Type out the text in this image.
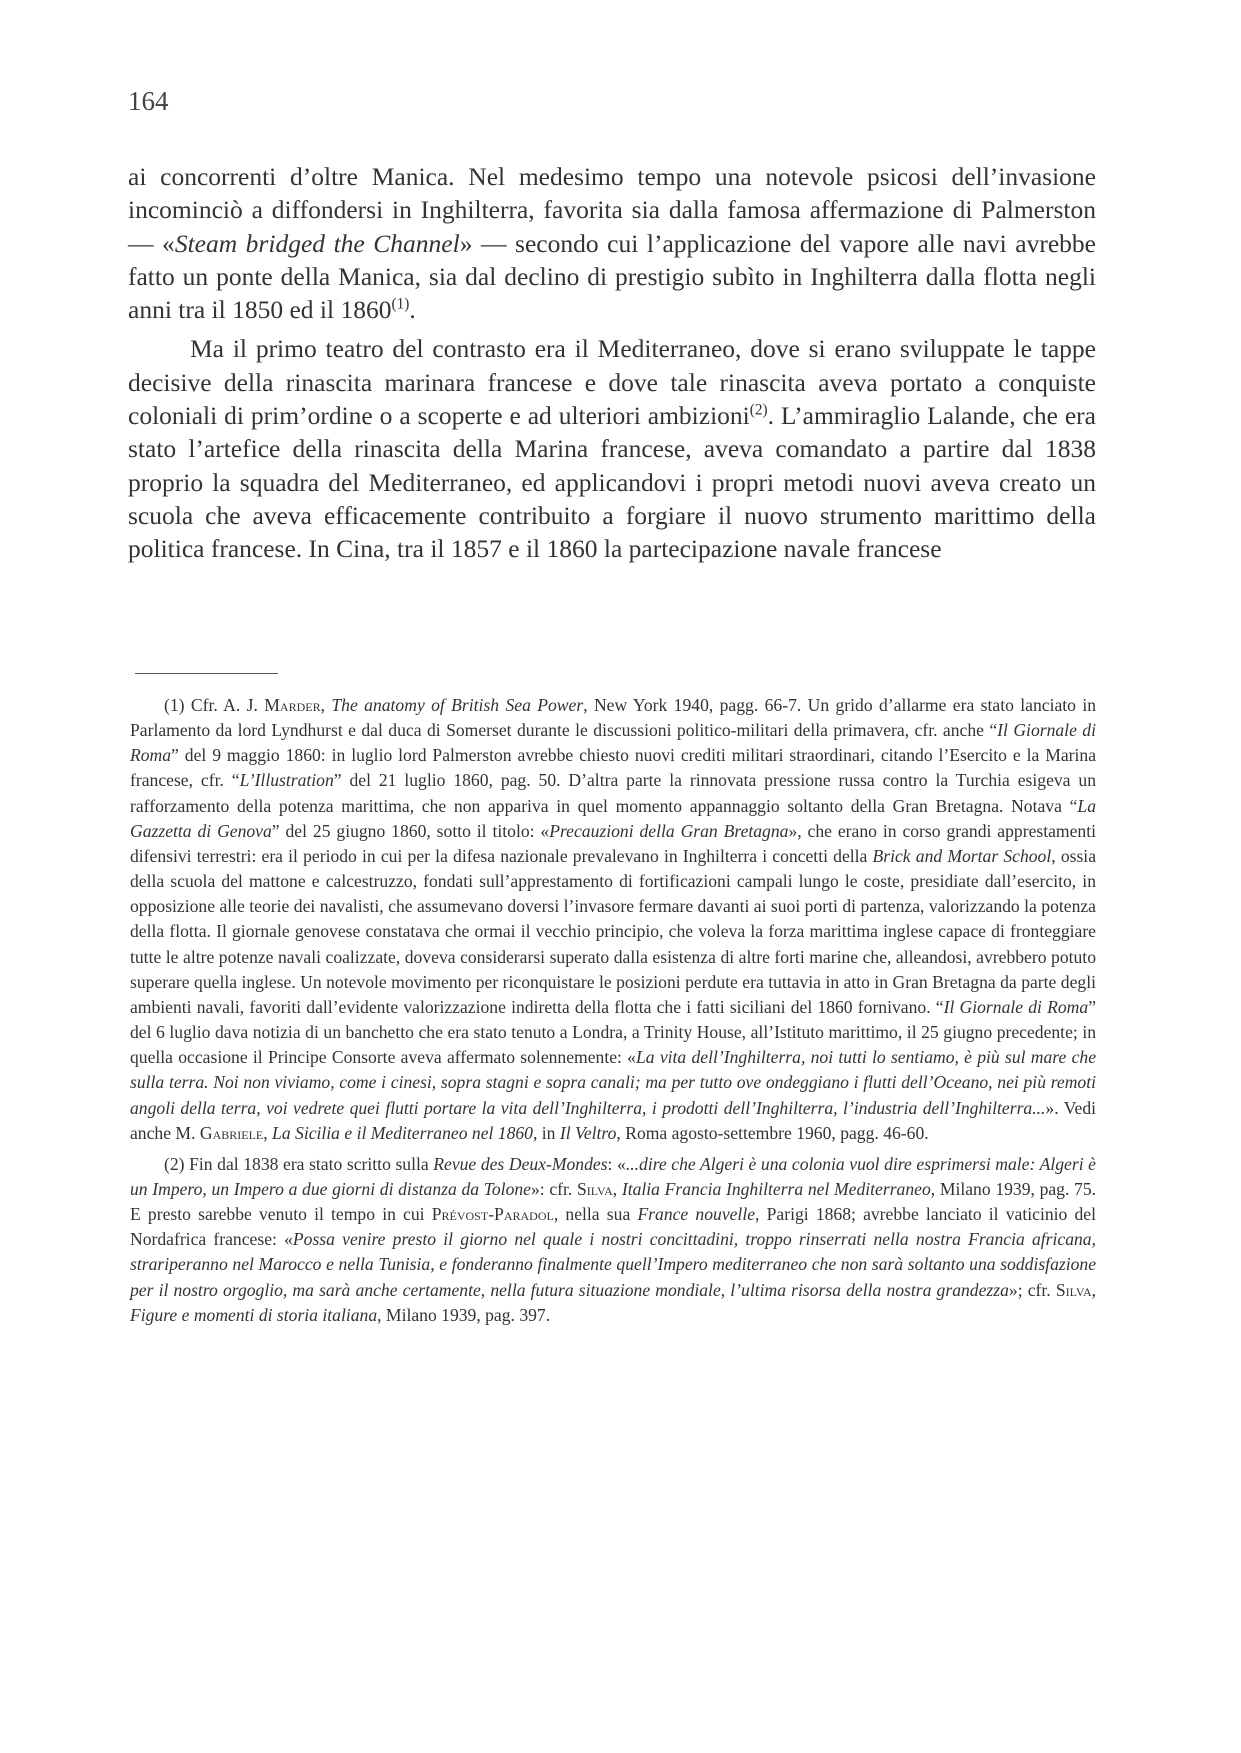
164

ai concorrenti d’oltre Manica. Nel medesimo tempo una notevole psicosi dell’invasione incominciò a diffondersi in Inghilterra, favorita sia dalla famosa affermazione di Palmerston — «Steam bridged the Channel» — secondo cui l’applicazione del vapore alle navi avrebbe fatto un ponte della Manica, sia dal declino di prestigio subìto in Inghilterra dalla flotta negli anni tra il 1850 ed il 1860$^{(1)}$.

Ma il primo teatro del contrasto era il Mediterraneo, dove si erano sviluppate le tappe decisive della rinascita marinara francese e dove tale rinascita aveva portato a conquiste coloniali di prim’ordine o a scoperte e ad ulteriori ambizioni$^{(2)}$. L’ammiraglio Lalande, che era stato l’artefice della rinascita della Marina francese, aveva comandato a partire dal 1838 proprio la squadra del Mediterraneo, ed applicandovi i propri metodi nuovi aveva creato un scuola che aveva efficacemente contribuito a forgiare il nuovo strumento marittimo della politica francese. In Cina, tra il 1857 e il 1860 la partecipazione navale francese

(1) Cfr. A. J. Marder, The anatomy of British Sea Power, New York 1940, pagg. 66-7. Un grido d’allarme era stato lanciato in Parlamento da lord Lyndhurst e dal duca di Somerset durante le discussioni politico-militari della primavera, cfr. anche “Il Giornale di Roma” del 9 maggio 1860: in luglio lord Palmerston avrebbe chiesto nuovi crediti militari straordinari, citando l’Esercito e la Marina francese, cfr. “L’Illustration” del 21 luglio 1860, pag. 50. D’altra parte la rinnovata pressione russa contro la Turchia esigeva un rafforzamento della potenza marittima, che non appariva in quel momento appannaggio soltanto della Gran Bretagna. Notava “La Gazzetta di Genova” del 25 giugno 1860, sotto il titolo: «Precauzioni della Gran Bretagna», che erano in corso grandi apprestamenti difensivi terrestri: era il periodo in cui per la difesa nazionale prevalevano in Inghilterra i concetti della Brick and Mortar School, ossia della scuola del mattone e calcestruzzo, fondati sull’apprestamento di fortificazioni campali lungo le coste, presidiate dall’esercito, in opposizione alle teorie dei navalisti, che assumevano doversi l’invasore fermare davanti ai suoi porti di partenza, valorizzando la potenza della flotta. Il giornale genovese constatava che ormai il vecchio principio, che voleva la forza marittima inglese capace di fronteggiare tutte le altre potenze navali coalizzate, doveva considerarsi superato dalla esistenza di altre forti marine che, alleandosi, avrebbero potuto superare quella inglese. Un notevole movimento per riconquistare le posizioni perdute era tuttavia in atto in Gran Bretagna da parte degli ambienti navali, favoriti dall’evidente valorizzazione indiretta della flotta che i fatti siciliani del 1860 fornivano. “Il Giornale di Roma” del 6 luglio dava notizia di un banchetto che era stato tenuto a Londra, a Trinity House, all’Istituto marittimo, il 25 giugno precedente; in quella occasione il Principe Consorte aveva affermato solennemente: «La vita dell’Inghilterra, noi tutti lo sentiamo, è più sul mare che sulla terra. Noi non viviamo, come i cinesi, sopra stagni e sopra canali; ma per tutto ove ondeggiano i flutti dell’Oceano, nei più remoti angoli della terra, voi vedrete quei flutti portare la vita dell’Inghilterra, i prodotti dell’Inghilterra, l’industria dell’Inghilterra...». Vedi anche M. Gabriele, La Sicilia e il Mediterraneo nel 1860, in Il Veltro, Roma agosto-settembre 1960, pagg. 46-60.

(2) Fin dal 1838 era stato scritto sulla Revue des Deux-Mondes: «...dire che Algeri è una colonia vuol dire esprimersi male: Algeri è un Impero, un Impero a due giorni di distanza da Tolone»: cfr. Silva, Italia Francia Inghilterra nel Mediterraneo, Milano 1939, pag. 75. E presto sarebbe venuto il tempo in cui Prévost-Paradol, nella sua France nouvelle, Parigi 1868; avrebbe lanciato il vaticinio del Nordafrica francese: «Possa venire presto il giorno nel quale i nostri concittadini, troppo rinserrati nella nostra Francia africana, strariperanno nel Marocco e nella Tunisia, e fonderanno finalmente quell’Impero mediterraneo che non sarà soltanto una soddisfazione per il nostro orgoglio, ma sarà anche certamente, nella futura situazione mondiale, l’ultima risorsa della nostra grandezza»; cfr. Silva, Figure e momenti di storia italiana, Milano 1939, pag. 397.
